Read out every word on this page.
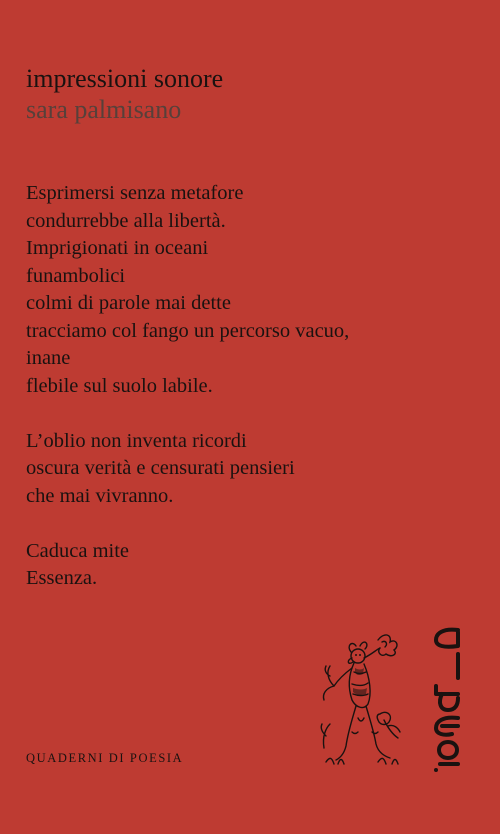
impressioni sonore
sara palmisano
Esprimersi senza metafore
condurrebbe alla libertà.
Imprigionati in oceani
funambolici
colmi di parole mai dette
tracciamo col fango un percorso vacuo,
inane
flebile sul suolo labile.
L’oblio non inventa ricordi
oscura verità e censurati pensieri
che mai vivranno.
Caduca mite
Essenza.
QUADERNI DI POESIA
